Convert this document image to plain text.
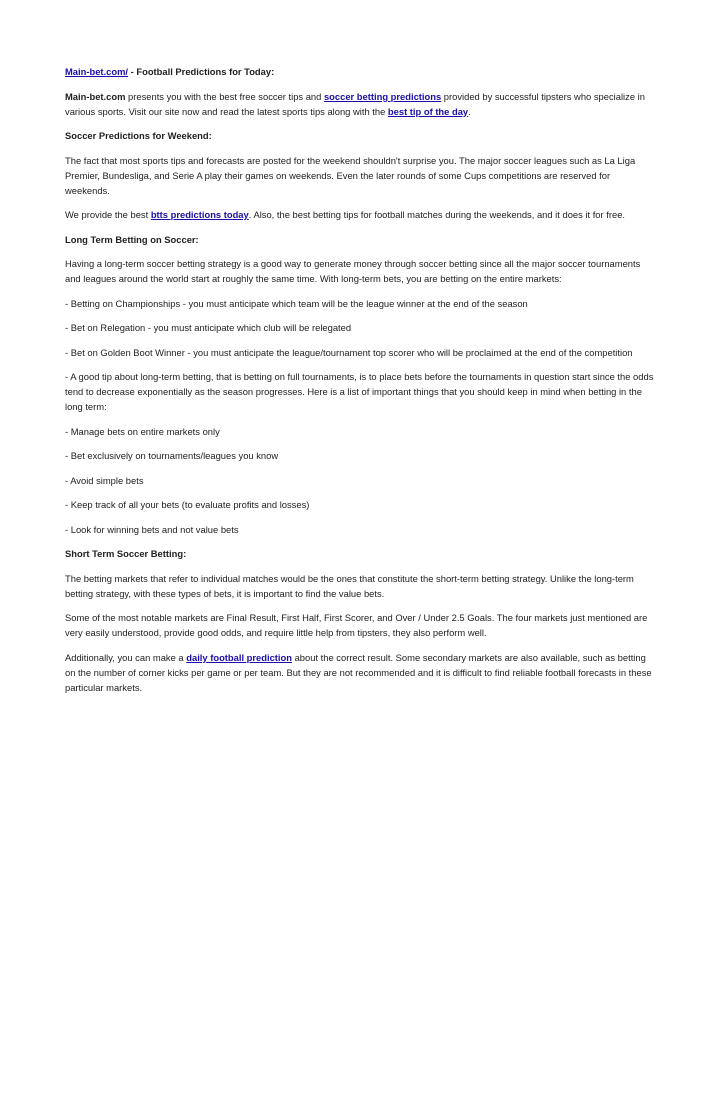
Main-bet.com/ - Football Predictions for Today:

Main-bet.com presents you with the best free soccer tips and soccer betting predictions provided by successful tipsters who specialize in various sports. Visit our site now and read the latest sports tips along with the best tip of the day.

Soccer Predictions for Weekend:

The fact that most sports tips and forecasts are posted for the weekend shouldn't surprise you. The major soccer leagues such as La Liga Premier, Bundesliga, and Serie A play their games on weekends. Even the later rounds of some Cups competitions are reserved for weekends.

We provide the best btts predictions today. Also, the best betting tips for football matches during the weekends, and it does it for free.

Long Term Betting on Soccer:

Having a long-term soccer betting strategy is a good way to generate money through soccer betting since all the major soccer tournaments and leagues around the world start at roughly the same time. With long-term bets, you are betting on the entire markets:

- Betting on Championships - you must anticipate which team will be the league winner at the end of the season

- Bet on Relegation - you must anticipate which club will be relegated

- Bet on Golden Boot Winner - you must anticipate the league/tournament top scorer who will be proclaimed at the end of the competition

- A good tip about long-term betting, that is betting on full tournaments, is to place bets before the tournaments in question start since the odds tend to decrease exponentially as the season progresses. Here is a list of important things that you should keep in mind when betting in the long term:

- Manage bets on entire markets only

- Bet exclusively on tournaments/leagues you know

- Avoid simple bets

- Keep track of all your bets (to evaluate profits and losses)

- Look for winning bets and not value bets

Short Term Soccer Betting:

The betting markets that refer to individual matches would be the ones that constitute the short-term betting strategy. Unlike the long-term betting strategy, with these types of bets, it is important to find the value bets.

Some of the most notable markets are Final Result, First Half, First Scorer, and Over / Under 2.5 Goals. The four markets just mentioned are very easily understood, provide good odds, and require little help from tipsters, they also perform well.

Additionally, you can make a daily football prediction about the correct result. Some secondary markets are also available, such as betting on the number of corner kicks per game or per team. But they are not recommended and it is difficult to find reliable football forecasts in these particular markets.
